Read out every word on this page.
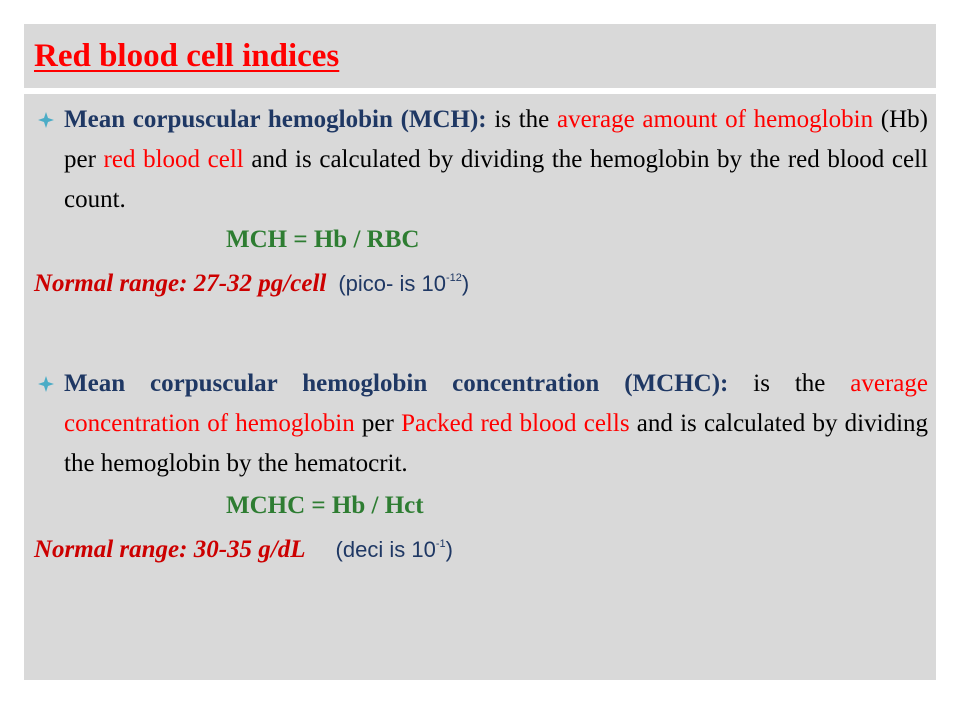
Red blood cell indices
Mean corpuscular hemoglobin (MCH): is the average amount of hemoglobin (Hb) per red blood cell and is calculated by dividing the hemoglobin by the red blood cell count.
MCH = Hb / RBC
Normal range: 27-32 pg/cell (pico- is $10^{-12}$)
Mean corpuscular hemoglobin concentration (MCHC): is the average concentration of hemoglobin per Packed red blood cells and is calculated by dividing the hemoglobin by the hematocrit.
MCHC = Hb / Hct
Normal range: 30-35 g/dL (deci is $10^{-1}$)
